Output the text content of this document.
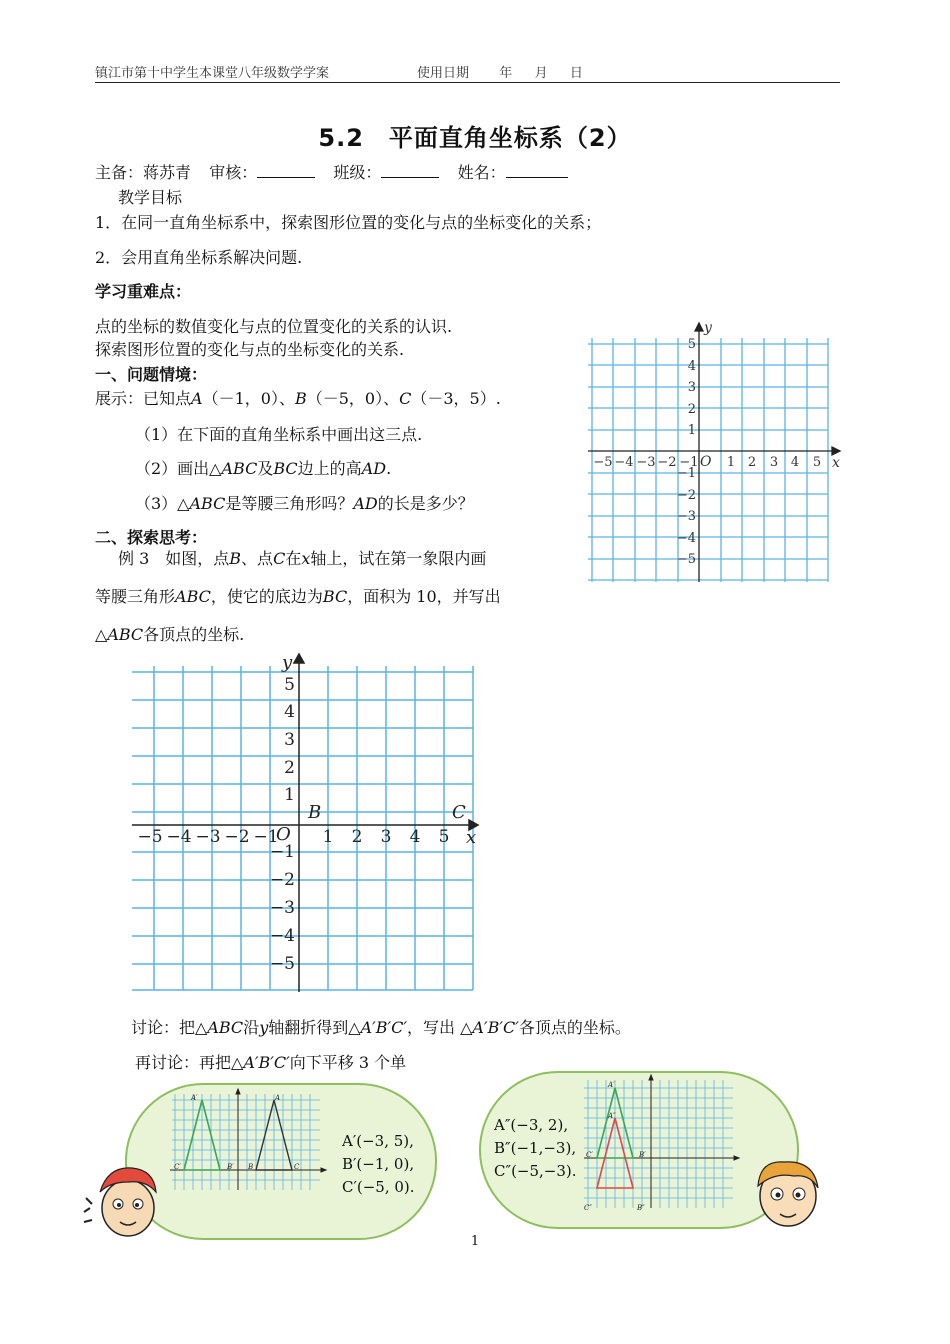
镇江市第十中学生本课堂八年级数学学案	使用日期 年 月 日
5.2　平面直角坐标系（2）
主备：蒋苏青 审核：	班级：	姓名：
教学目标
1．在同一直角坐标系中，探索图形位置的变化与点的坐标变化的关系；
2．会用直角坐标系解决问题.
学习重难点：
点的坐标的数值变化与点的位置变化的关系的认识.
探索图形位置的变化与点的坐标变化的关系.
一、问题情境：
展示：已知点A（－1，0）、B（－5，0）、C（－3，5）.
（1）在下面的直角坐标系中画出这三点.
（2）画出△ABC及BC边上的高AD.
（3）△ABC是等腰三角形吗？AD的长是多少？
二、探索思考：
例 3　如图，点B、点C在x轴上，试在第一象限内画
等腰三角形ABC，使它的底边为BC，面积为 10，并写出
△ABC各顶点的坐标.
−5 −4 −3 −2 −1 1 2 3 4 5
1
2
3
4
5
−1
−2
−3
−4
−5
O	x
y
−5 −4 −3 −2 −1	1 2 3 4 5
1
2
3
4
5
−1
−2
−3
−4
−5
O	x
y
B	C
讨论：把△ABC沿y轴翻折得到△A′B′C′，写出 △A′B′C′各顶点的坐标。
再讨论：再把△A′B′C′向下平移 3 个单
A′	A
C′	B′ B	C
A′(−3, 5),
B′(−1, 0),
C′(−5, 0).
A′
A″
C′	B′
C″	B″
A″(−3, 2),
B″(−1,−3),
C″(−5,−3).
1
